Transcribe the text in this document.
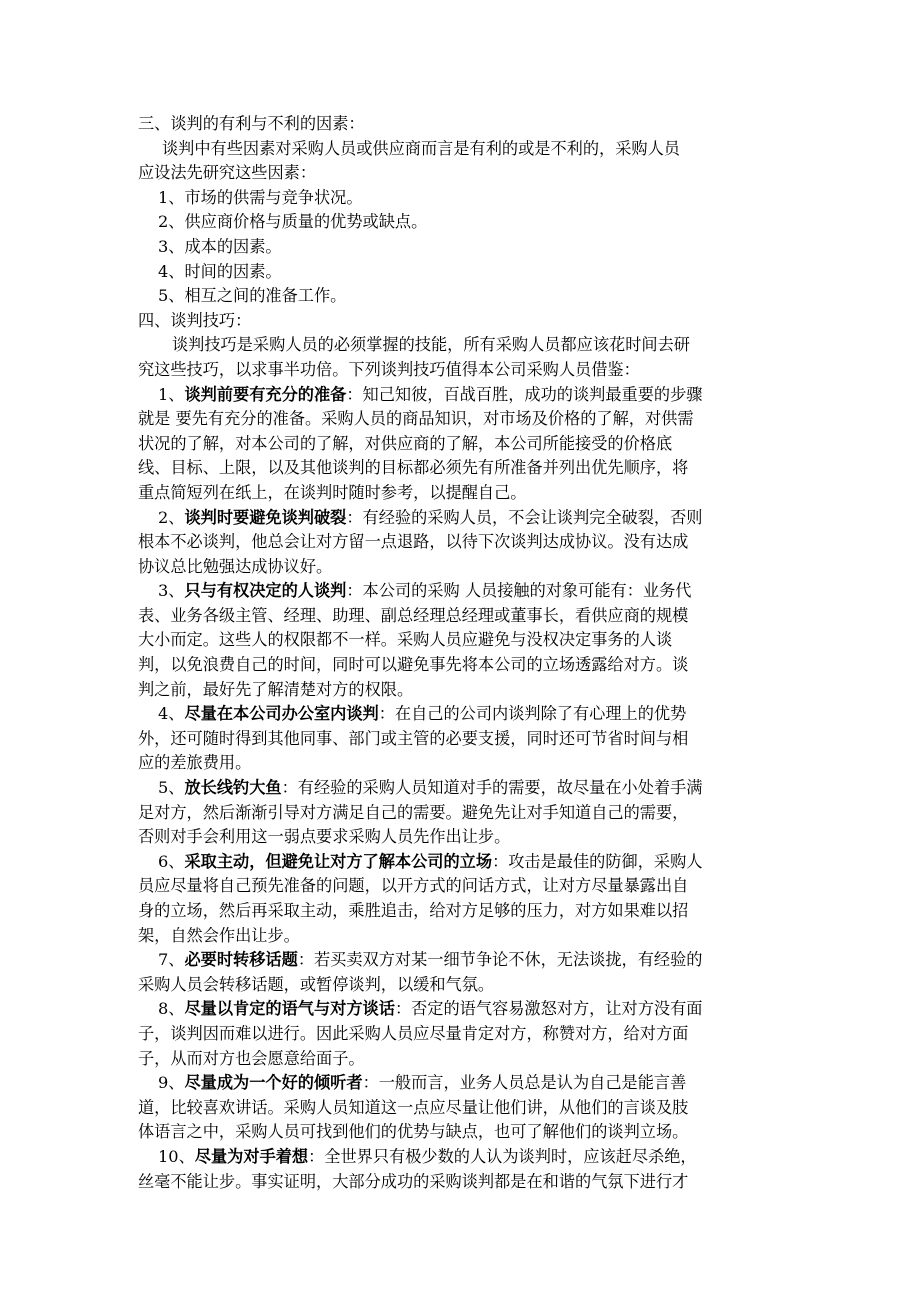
三、谈判的有利与不利的因素：
谈判中有些因素对采购人员或供应商而言是有利的或是不利的，采购人员
应设法先研究这些因素：
1、市场的供需与竞争状况。
2、供应商价格与质量的优势或缺点。
3、成本的因素。
4、时间的因素。
5、相互之间的准备工作。
四、谈判技巧：
谈判技巧是采购人员的必须掌握的技能，所有采购人员都应该花时间去研
究这些技巧，以求事半功倍。下列谈判技巧值得本公司采购人员借鉴：
1、谈判前要有充分的准备：知己知彼，百战百胜，成功的谈判最重要的步骤
就是 要先有充分的准备。采购人员的商品知识，对市场及价格的了解，对供需
状况的了解，对本公司的了解，对供应商的了解，本公司所能接受的价格底
线、目标、上限，以及其他谈判的目标都必须先有所准备并列出优先顺序，将
重点简短列在纸上，在谈判时随时参考，以提醒自己。
2、谈判时要避免谈判破裂：有经验的采购人员，不会让谈判完全破裂，否则
根本不必谈判，他总会让对方留一点退路，以待下次谈判达成协议。没有达成
协议总比勉强达成协议好。
3、只与有权决定的人谈判：本公司的采购 人员接触的对象可能有：业务代
表、业务各级主管、经理、助理、副总经理总经理或董事长，看供应商的规模
大小而定。这些人的权限都不一样。采购人员应避免与没权决定事务的人谈
判，以免浪费自己的时间，同时可以避免事先将本公司的立场透露给对方。谈
判之前，最好先了解清楚对方的权限。
4、尽量在本公司办公室内谈判：在自己的公司内谈判除了有心理上的优势
外，还可随时得到其他同事、部门或主管的必要支援，同时还可节省时间与相
应的差旅费用。
5、放长线钓大鱼：有经验的采购人员知道对手的需要，故尽量在小处着手满
足对方，然后渐渐引导对方满足自己的需要。避免先让对手知道自己的需要，
否则对手会利用这一弱点要求采购人员先作出让步。
6、采取主动，但避免让对方了解本公司的立场：攻击是最佳的防御，采购人
员应尽量将自己预先准备的问题，以开方式的问话方式，让对方尽量暴露出自
身的立场，然后再采取主动，乘胜追击，给对方足够的压力，对方如果难以招
架，自然会作出让步。
7、必要时转移话题：若买卖双方对某一细节争论不休，无法谈拢，有经验的
采购人员会转移话题，或暂停谈判，以缓和气氛。
8、尽量以肯定的语气与对方谈话：否定的语气容易激怒对方，让对方没有面
子，谈判因而难以进行。因此采购人员应尽量肯定对方，称赞对方，给对方面
子，从而对方也会愿意给面子。
9、尽量成为一个好的倾听者：一般而言，业务人员总是认为自己是能言善
道，比较喜欢讲话。采购人员知道这一点应尽量让他们讲，从他们的言谈及肢
体语言之中，采购人员可找到他们的优势与缺点，也可了解他们的谈判立场。
10、尽量为对手着想：全世界只有极少数的人认为谈判时，应该赶尽杀绝，
丝毫不能让步。事实证明，大部分成功的采购谈判都是在和谐的气氛下进行才
